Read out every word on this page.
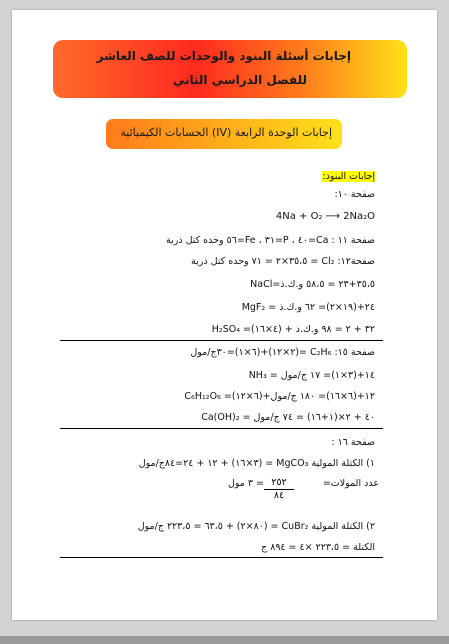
إجابات أسئلة البنود والوحدات للصف العاشر
للفصل الدراسي الثاني
إجابات الوحدة الرابعة (IV) الحسابات الكيميائية
إجابات البنود:
صفحة ١٠:
4Na + O₂ ⟶ 2Na₂O
صفحة ١١ : Ca=٤٠ ، P=٣١ ، Fe=٥٦ وحده كتل ذرية
صفحة١٢: Cl₂ = ٣٥،٥×٢ = ٧١ وحده كتل ذرية
NaCl=٣٥،٥+٢٣ = ٥٨،٥ و.ك.ذ
MgF₂ = ٢٤+(١٩×٢)= ٦٢ و.ك.ذ
H₂SO₄ =(٤×١٦) + ٣٢ + ٢ = ٩٨ و.ك.ذ
صفحة ١٥: C₂H₆ =(٢×١٢)+(٦×١)=٣٠ج/مول
NH₃ = ١٤+(٣×١)= ١٧ ج/مول
C₆H₁₂O₆ =(٦×١٢)+١٢+(٦×١٦)= ١٨٠ ج/مول
Ca(OH)₂ = ٤٠ + ٢×(١+١٦) = ٧٤ ج/مول
صفحة ١٦ :
١) الكتلة المولية MgCO₃ = (٣×١٦) + ١٢ + ٢٤=٨٤ج/مول
عدد المولات=
٢٥٢
٨٤
= ٣ مول
٢) الكتلة المولية CuBr₂ = (٨٠×٢) + ٦٣،٥ = ٢٢٣،٥ ج/مول
الكتلة = ٢٢٣،٥ ×٤ = ٨٩٤ ج
